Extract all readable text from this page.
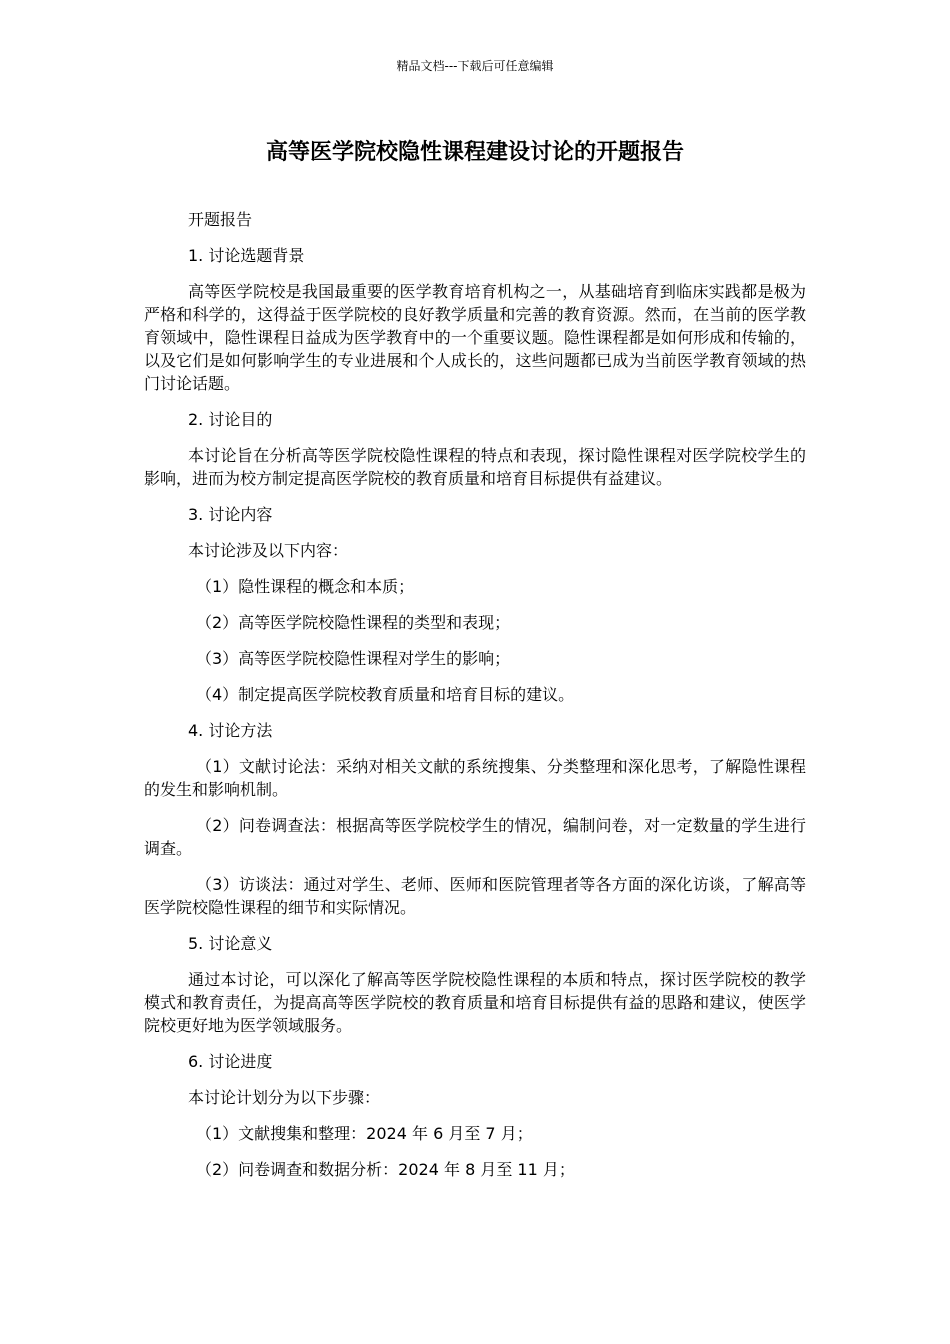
精品文档---下载后可任意编辑
高等医学院校隐性课程建设讨论的开题报告

开题报告

1. 讨论选题背景

高等医学院校是我国最重要的医学教育培育机构之一，从基础培育到临床实践都是极为严格和科学的，这得益于医学院校的良好教学质量和完善的教育资源。然而，在当前的医学教育领域中，隐性课程日益成为医学教育中的一个重要议题。隐性课程都是如何形成和传输的，以及它们是如何影响学生的专业进展和个人成长的，这些问题都已成为当前医学教育领域的热门讨论话题。

2. 讨论目的

本讨论旨在分析高等医学院校隐性课程的特点和表现，探讨隐性课程对医学院校学生的影响，进而为校方制定提高医学院校的教育质量和培育目标提供有益建议。

3. 讨论内容

本讨论涉及以下内容：

（1）隐性课程的概念和本质；

（2）高等医学院校隐性课程的类型和表现；

（3）高等医学院校隐性课程对学生的影响；

（4）制定提高医学院校教育质量和培育目标的建议。

4. 讨论方法

（1）文献讨论法：采纳对相关文献的系统搜集、分类整理和深化思考，了解隐性课程的发生和影响机制。

（2）问卷调查法：根据高等医学院校学生的情况，编制问卷，对一定数量的学生进行调查。

（3）访谈法：通过对学生、老师、医师和医院管理者等各方面的深化访谈，了解高等医学院校隐性课程的细节和实际情况。

5. 讨论意义

通过本讨论，可以深化了解高等医学院校隐性课程的本质和特点，探讨医学院校的教学模式和教育责任，为提高高等医学院校的教育质量和培育目标提供有益的思路和建议，使医学院校更好地为医学领域服务。

6. 讨论进度

本讨论计划分为以下步骤：

（1）文献搜集和整理：2024 年 6 月至 7 月；

（2）问卷调查和数据分析：2024 年 8 月至 11 月；
